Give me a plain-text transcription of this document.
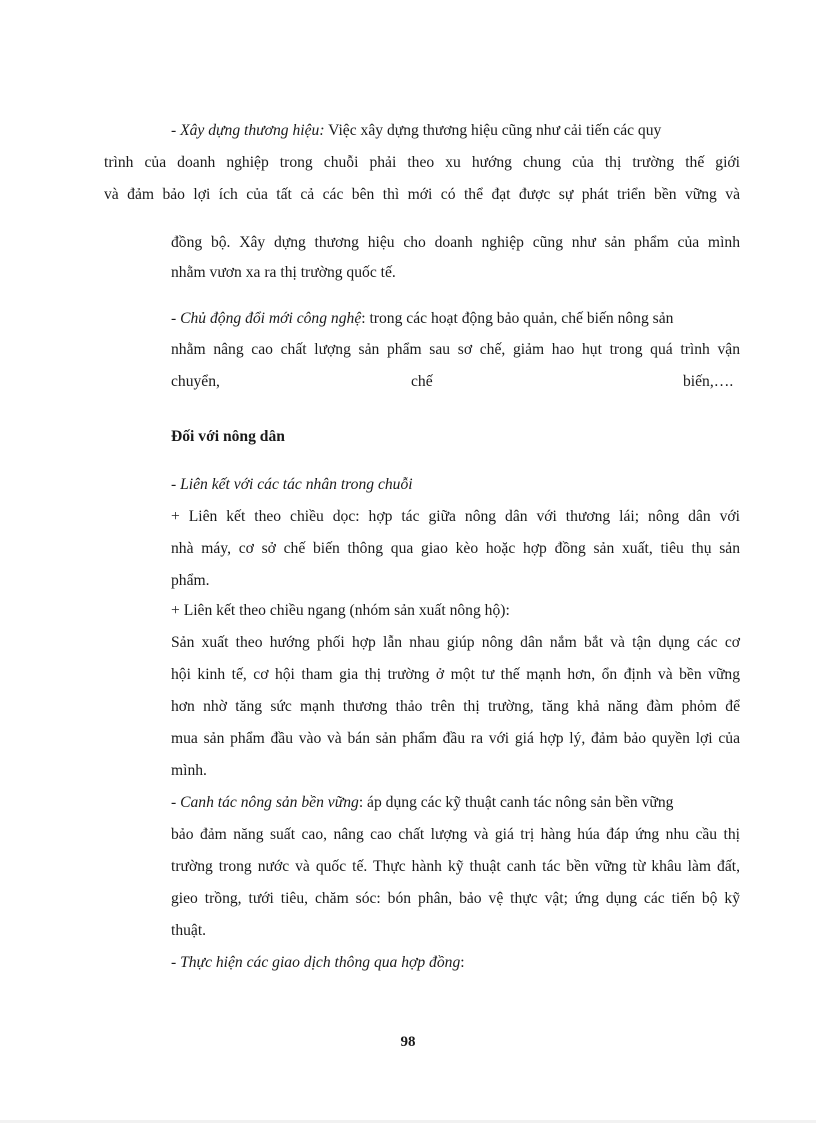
- Xây dựng thương hiệu: Việc xây dựng thương hiệu cũng như cải tiến các quy
trình của doanh nghiệp trong chuỗi phải theo xu hướng chung của thị trường thế giới
và đảm bảo lợi ích của tất cả các bên thì mới có thể đạt được sự phát triển bền vững và
đồng bộ. Xây dựng thương hiệu cho doanh nghiệp cũng như sản phẩm của mình
nhằm vươn xa ra thị trường quốc tế.
- Chủ động đổi mới công nghệ: trong các hoạt động bảo quản, chế biến nông sản
nhằm nâng cao chất lượng sản phẩm sau sơ chế, giảm hao hụt trong quá trình vận
chuyển,	chế	biến,….
Đối với nông dân
- Liên kết với các tác nhân trong chuỗi
+ Liên kết theo chiều dọc: hợp tác giữa nông dân với thương lái; nông dân với
nhà máy, cơ sở chế biến thông qua giao kèo hoặc hợp đồng sản xuất, tiêu thụ sản
phẩm.
+ Liên kết theo chiều ngang (nhóm sản xuất nông hộ):
Sản xuất theo hướng phối hợp lẫn nhau giúp nông dân nắm bắt và tận dụng các cơ
hội kinh tế, cơ hội tham gia thị trường ở một tư thế mạnh hơn, ổn định và bền vững
hơn nhờ tăng sức mạnh thương thảo trên thị trường, tăng khả năng đàm phỏm để
mua sản phẩm đầu vào và bán sản phẩm đầu ra với giá hợp lý, đảm bảo quyền lợi của
mình.
- Canh tác nông sản bền vững: áp dụng các kỹ thuật canh tác nông sản bền vững
bảo đảm năng suất cao, nâng cao chất lượng và giá trị hàng húa đáp ứng nhu cầu thị
trường trong nước và quốc tế. Thực hành kỹ thuật canh tác bền vững từ khâu làm đất,
gieo trồng, tưới tiêu, chăm sóc: bón phân, bảo vệ thực vật; ứng dụng các tiến bộ kỹ
thuật.
- Thực hiện các giao dịch thông qua hợp đồng:
98
